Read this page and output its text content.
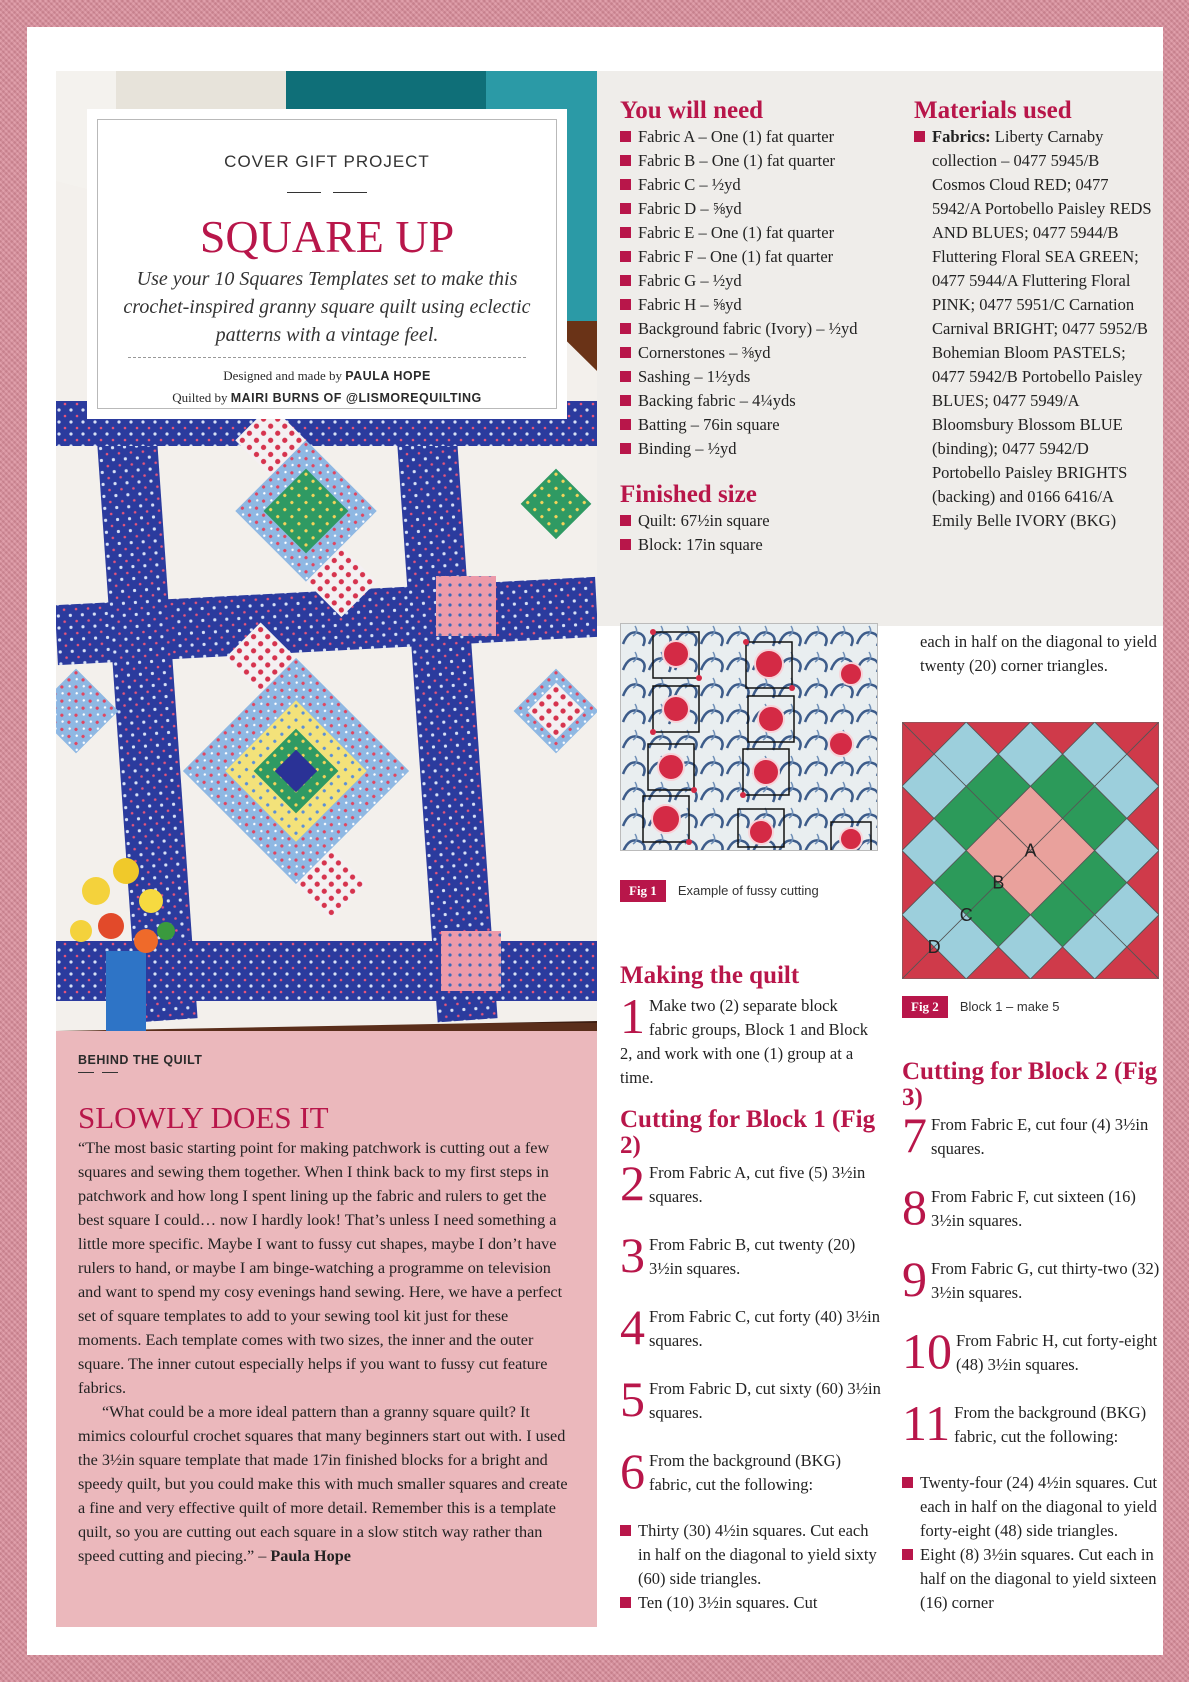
COVER GIFT PROJECT
SQUARE UP
Use your 10 Squares Templates set to make this crochet-inspired granny square quilt using eclectic patterns with a vintage feel.
Designed and made by PAULA HOPE
Quilted by MAIRI BURNS OF @LISMOREQUILTING
BEHIND THE QUILT
SLOWLY DOES IT

“The most basic starting point for making patchwork is cutting out a few squares and sewing them together. When I think back to my first steps in patchwork and how long I spent lining up the fabric and rulers to get the best square I could… now I hardly look! That’s unless I need something a little more specific. Maybe I want to fussy cut shapes, maybe I don’t have rulers to hand, or maybe I am binge-watching a programme on television and want to spend my cosy evenings hand sewing. Here, we have a perfect set of square templates to add to your sewing tool kit just for these moments. Each template comes with two sizes, the inner and the outer square. The inner cutout especially helps if you want to fussy cut feature fabrics.

“What could be a more ideal pattern than a granny square quilt? It mimics colourful crochet squares that many beginners start out with. I used the 3½in square template that made 17in finished blocks for a bright and speedy quilt, but you could make this with much smaller squares and create a fine and very effective quilt of more detail. Remember this is a template quilt, so you are cutting out each square in a slow stitch way rather than speed cutting and piecing.” – Paula Hope

You will need
Fabric A – One (1) fat quarter
Fabric B – One (1) fat quarter
Fabric C – ½yd
Fabric D – ⅝yd
Fabric E – One (1) fat quarter
Fabric F – One (1) fat quarter
Fabric G – ½yd
Fabric H – ⅝yd
Background fabric (Ivory) – ½yd
Cornerstones – ⅜yd
Sashing – 1½yds
Backing fabric – 4¼yds
Batting – 76in square
Binding – ½yd
Finished size
Quilt: 67½in square
Block: 17in square
Materials used
Fabrics: Liberty Carnaby collection – 0477 5945/B Cosmos Cloud RED; 0477 5942/A Portobello Paisley REDS AND BLUES; 0477 5944/B Fluttering Floral SEA GREEN; 0477 5944/A Fluttering Floral PINK; 0477 5951/C Carnation Carnival BRIGHT; 0477 5952/B Bohemian Bloom PASTELS; 0477 5942/B Portobello Paisley BLUES; 0477 5949/A Bloomsbury Blossom BLUE (binding); 0477 5942/D Portobello Paisley BRIGHTS (backing) and 0166 6416/A Emily Belle IVORY (BKG)
Fig 1 Example of fussy cutting
A
B
C
D
Fig 2 Block 1 – make 5
each in half on the diagonal to yield twenty (20) corner triangles.
Making the quilt
1 Make two (2) separate block fabric groups, Block 1 and Block 2, and work with one (1) group at a time.
Cutting for Block 1 (Fig 2)
2 From Fabric A, cut five (5) 3½in squares.
3 From Fabric B, cut twenty (20) 3½in squares.
4 From Fabric C, cut forty (40) 3½in squares.
5 From Fabric D, cut sixty (60) 3½in squares.
6 From the background (BKG) fabric, cut the following:
Thirty (30) 4½in squares. Cut each in half on the diagonal to yield sixty (60) side triangles.
Ten (10) 3½in squares. Cut
Cutting for Block 2 (Fig 3)
7 From Fabric E, cut four (4) 3½in squares.
8 From Fabric F, cut sixteen (16) 3½in squares.
9 From Fabric G, cut thirty-two (32) 3½in squares.
10 From Fabric H, cut forty-eight (48) 3½in squares.
11 From the background (BKG) fabric, cut the following:
Twenty-four (24) 4½in squares. Cut each in half on the diagonal to yield forty-eight (48) side triangles.
Eight (8) 3½in squares. Cut each in half on the diagonal to yield sixteen (16) corner
